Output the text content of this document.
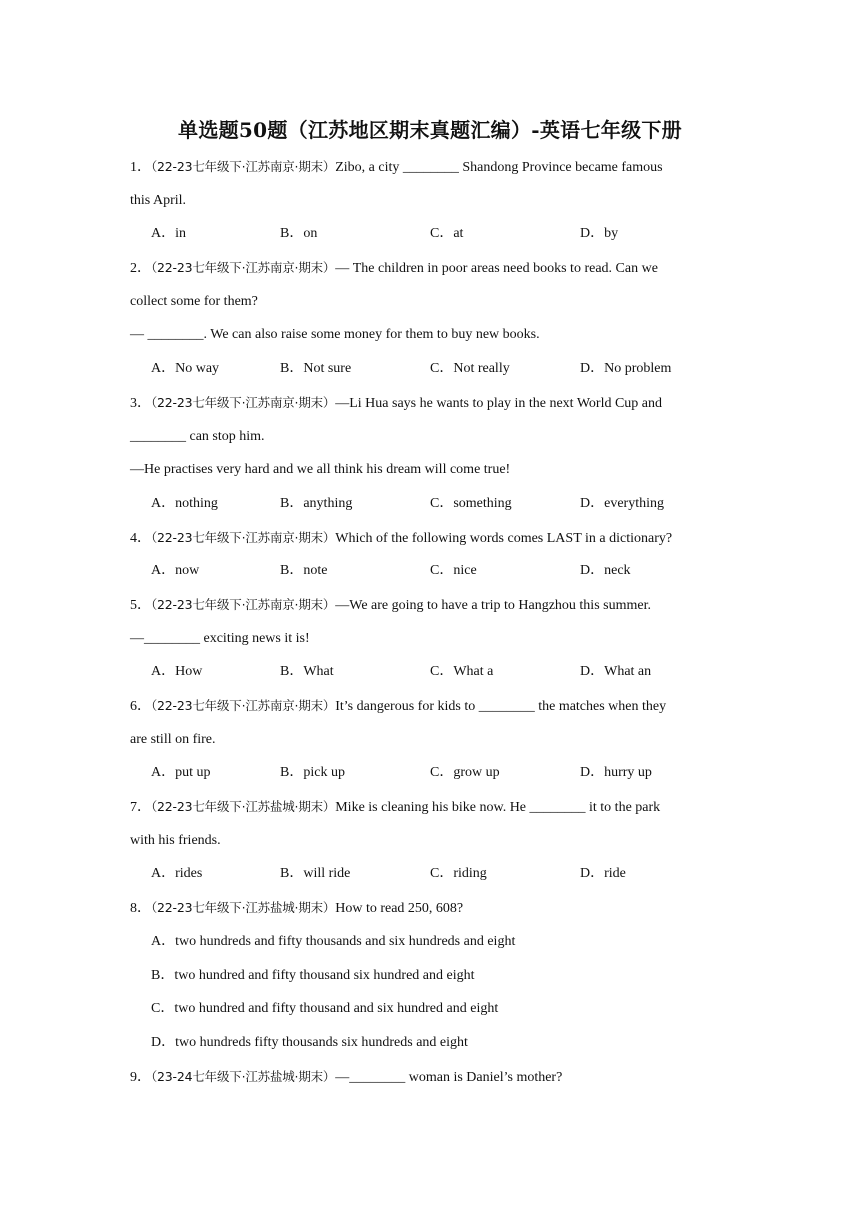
单选题50题（江苏地区期末真题汇编）-英语七年级下册
1．（22-23七年级下·江苏南京·期末）Zibo, a city ________ Shandong Province became famous
this April.
A．in	B．on	C．at	D．by
2．（22-23七年级下·江苏南京·期末）— The children in poor areas need books to read. Can we
collect some for them?
— ________. We can also raise some money for them to buy new books.
A．No way	B．Not sure	C．Not really	D．No problem
3．（22-23七年级下·江苏南京·期末）—Li Hua says he wants to play in the next World Cup and
________ can stop him.
—He practises very hard and we all think his dream will come true!
A．nothing	B．anything	C．something	D．everything
4．（22-23七年级下·江苏南京·期末）Which of the following words comes LAST in a dictionary?
A．now	B．note	C．nice	D．neck
5．（22-23七年级下·江苏南京·期末）—We are going to have a trip to Hangzhou this summer.
—________ exciting news it is!
A．How	B．What	C．What a	D．What an
6．（22-23七年级下·江苏南京·期末）It’s dangerous for kids to ________ the matches when they
are still on fire.
A．put up	B．pick up	C．grow up	D．hurry up
7．（22-23七年级下·江苏盐城·期末）Mike is cleaning his bike now. He ________ it to the park
with his friends.
A．rides	B．will ride	C．riding	D．ride
8．（22-23七年级下·江苏盐城·期末）How to read 250, 608?
A．two hundreds and fifty thousands and six hundreds and eight
B．two hundred and fifty thousand six hundred and eight
C．two hundred and fifty thousand and six hundred and eight
D．two hundreds fifty thousands six hundreds and eight
9．（23-24七年级下·江苏盐城·期末）—________ woman is Daniel’s mother?
